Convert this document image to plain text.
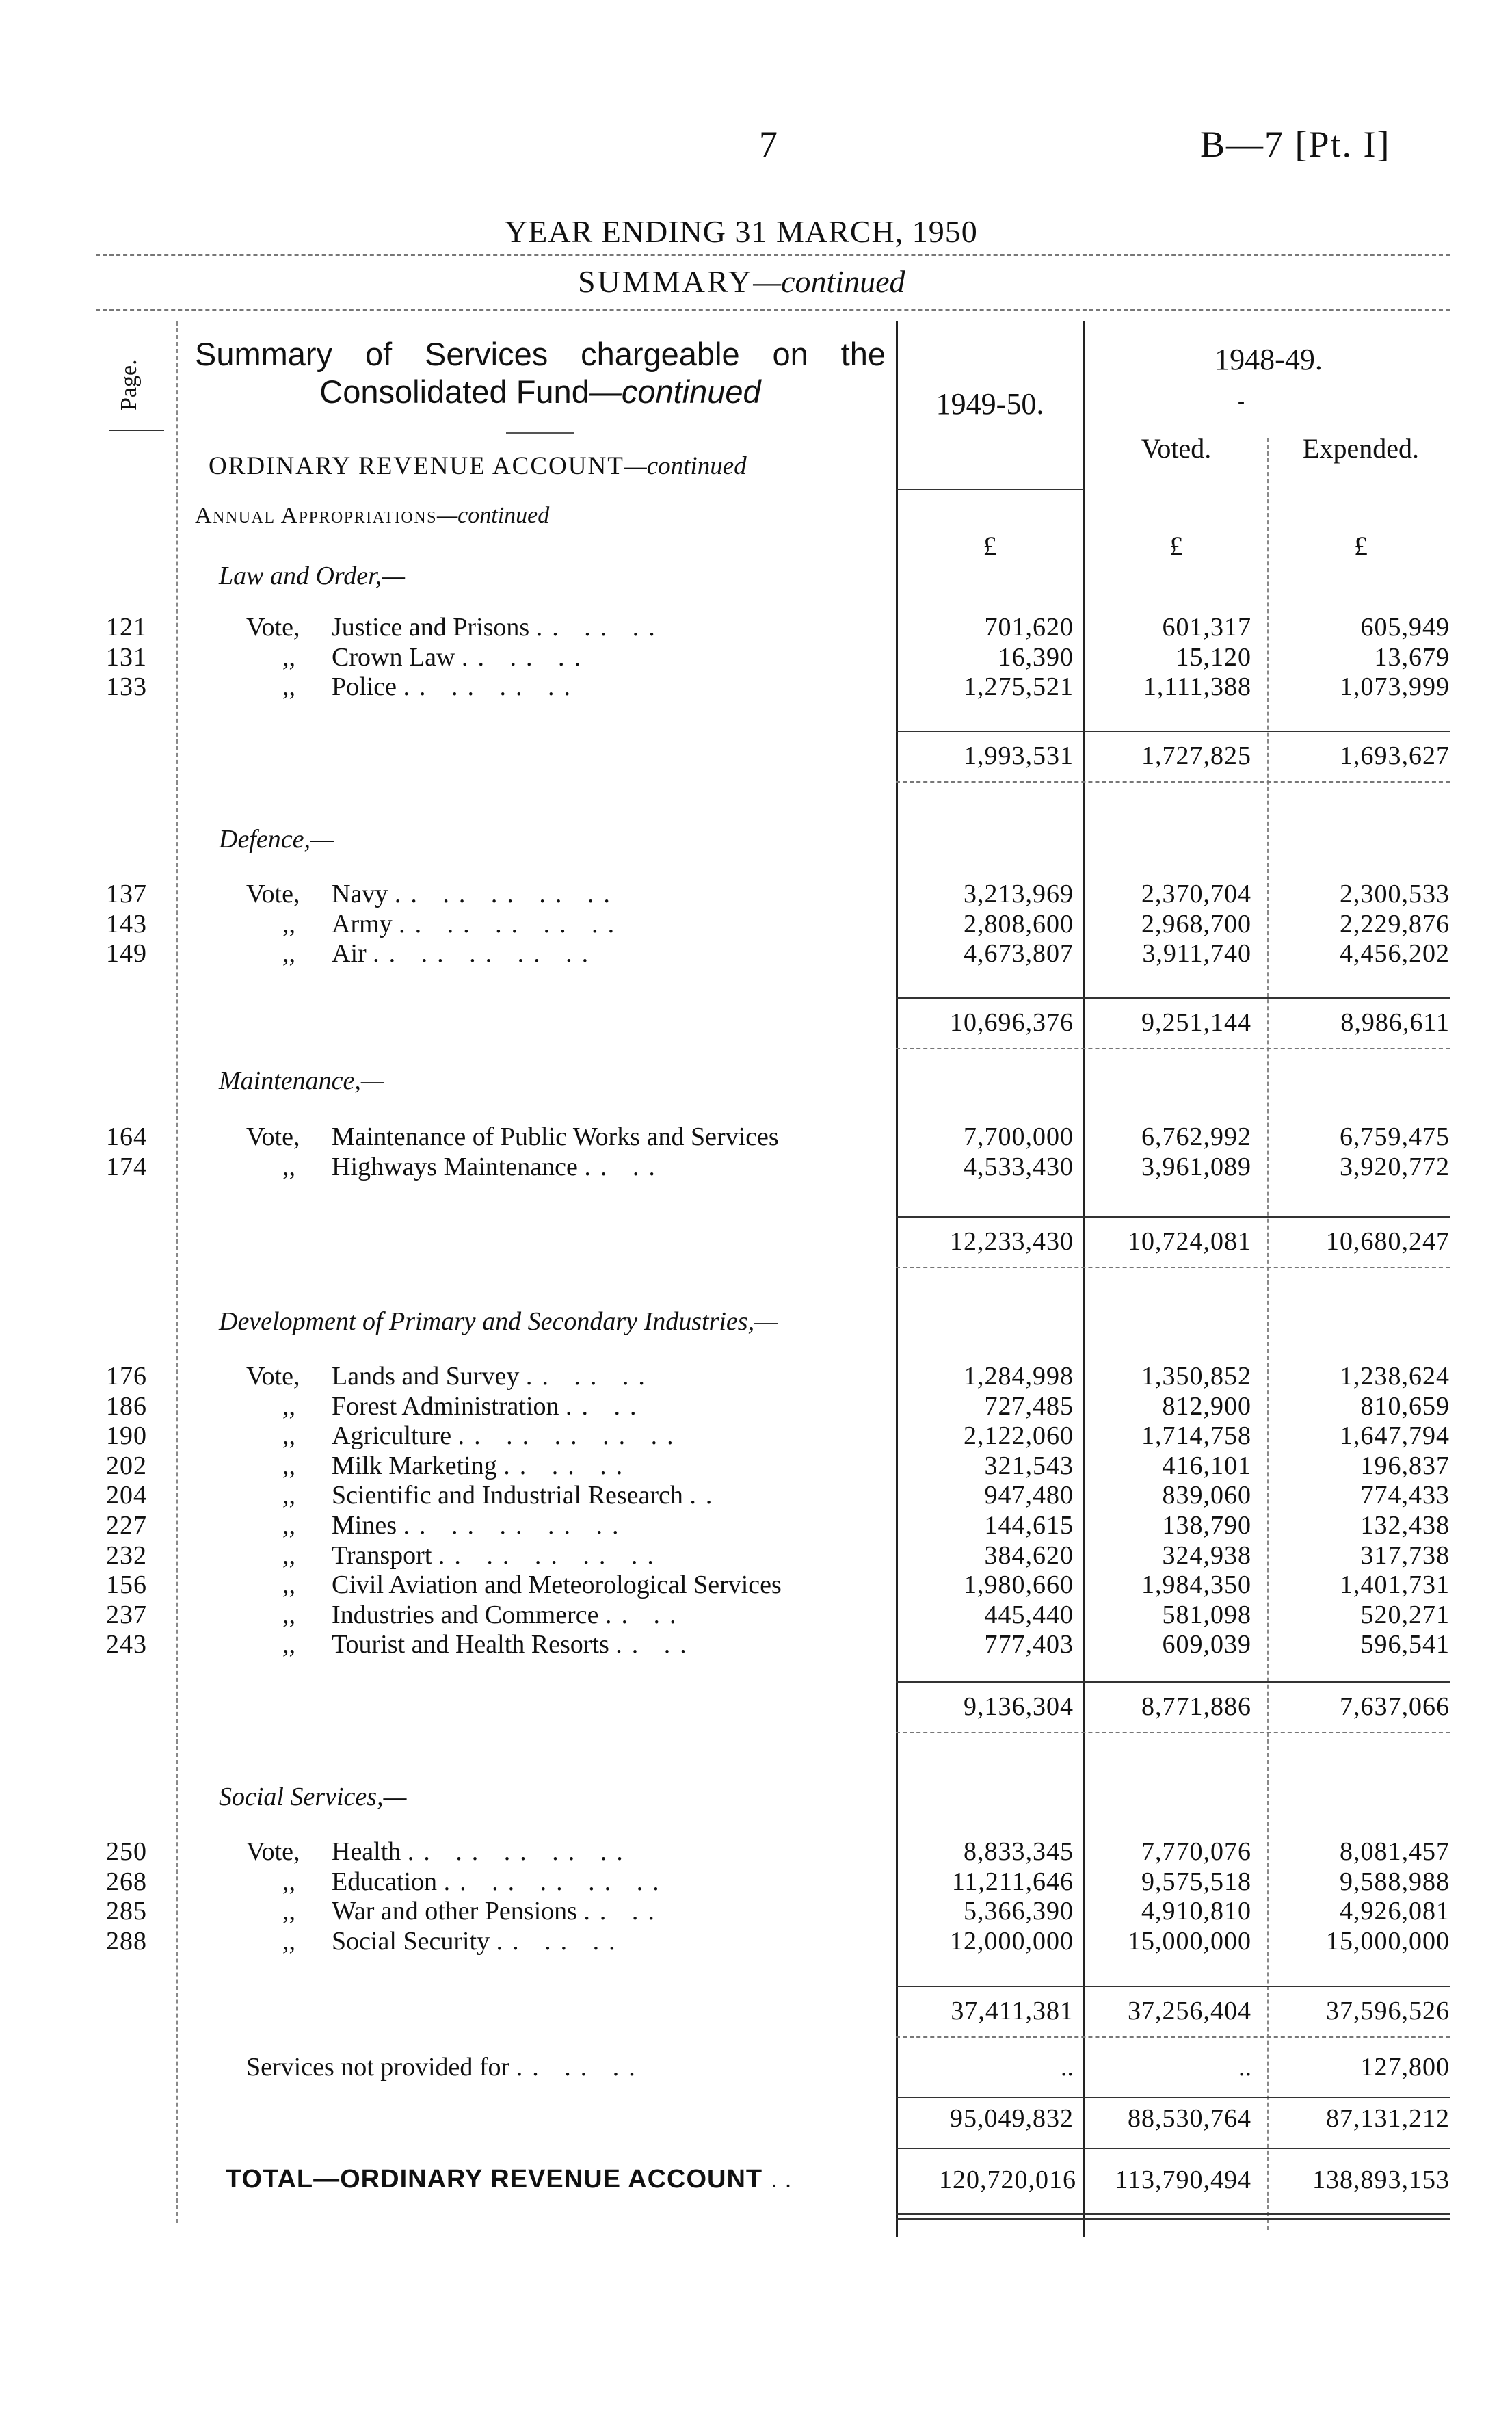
7	B—7 [Pt. I]
YEAR ENDING 31 MARCH, 1950
SUMMARY—continued
Page.
Summary of Services chargeable on the
Consolidated Fund—continued
ORDINARY REVENUE ACCOUNT—continued
Annual Appropriations—continued
1949-50.
1948-49.
-
Voted.	Expended.
£	£	£
Law and Order,—
Defence,—
Maintenance,—
Development of Primary and Secondary Industries,—
Social Services,—
121	Vote, Justice and Prisons .. .. ..	701,620	601,317	605,949
131	,, Crown Law .. .. ..	16,390	15,120	13,679
133	,, Police .. .. .. ..	1,275,521	1,111,388	1,073,999
1,993,531	1,727,825	1,693,627
137	Vote, Navy .. .. .. .. ..	3,213,969	2,370,704	2,300,533
143	,, Army .. .. .. .. ..	2,808,600	2,968,700	2,229,876
149	,, Air .. .. .. .. ..	4,673,807	3,911,740	4,456,202
10,696,376	9,251,144	8,986,611
164	Vote, Maintenance of Public Works and Services	7,700,000	6,762,992	6,759,475
174	,, Highways Maintenance .. ..	4,533,430	3,961,089	3,920,772
12,233,430	10,724,081	10,680,247
176	Vote, Lands and Survey .. .. ..	1,284,998	1,350,852	1,238,624
186	,, Forest Administration .. ..	727,485	812,900	810,659
190	,, Agriculture .. .. .. .. ..	2,122,060	1,714,758	1,647,794
202	,, Milk Marketing .. .. ..	321,543	416,101	196,837
204	,, Scientific and Industrial Research ..	947,480	839,060	774,433
227	,, Mines .. .. .. .. ..	144,615	138,790	132,438
232	,, Transport .. .. .. .. ..	384,620	324,938	317,738
156	,, Civil Aviation and Meteorological Services	1,980,660	1,984,350	1,401,731
237	,, Industries and Commerce .. ..	445,440	581,098	520,271
243	,, Tourist and Health Resorts .. ..	777,403	609,039	596,541
9,136,304	8,771,886	7,637,066
250	Vote, Health .. .. .. .. ..	8,833,345	7,770,076	8,081,457
268	,, Education .. .. .. .. ..	11,211,646	9,575,518	9,588,988
285	,, War and other Pensions .. ..	5,366,390	4,910,810	4,926,081
288	,, Social Security .. .. ..	12,000,000	15,000,000	15,000,000
37,411,381	37,256,404	37,596,526
Services not provided for .. .. ..	..	..	127,800
95,049,832	88,530,764	87,131,212
TOTAL—ORDINARY REVENUE ACCOUNT ..	120,720,016	113,790,494	138,893,153
